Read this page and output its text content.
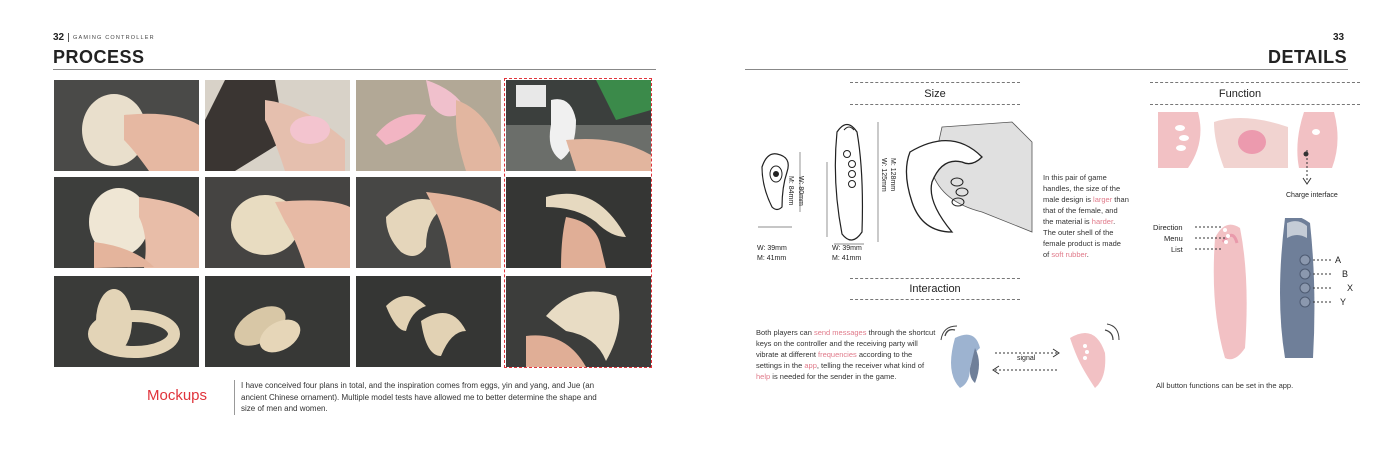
32 GAMING CONTROLLER
PROCESS
Mockups
I have conceived four plans in total, and the inspiration comes from eggs, yin and yang, and Jue (an ancient Chinese ornament). Multiple model tests have allowed me to better determine the shape and size of men and women.
33
DETAILS
Size
M: 84mm W: 80mm	M: 128mm
W: 125mm
W: 39mm
M: 41mm
W: 39mm
M: 41mm
In this pair of game handles, the size of the male design is larger than that of the female, and the material is harder. The outer shell of the female product is made of soft rubber.
Interaction
Both players can send messages through the shortcut keys on the controller and the receiving party will vibrate at different frequencies according to the settings in the app, telling the receiver what kind of help is needed for the sender in the game.
signal
Function
Charge interface
Direction
Menu
List
A
B
X
Y
All button functions can be set in the app.
